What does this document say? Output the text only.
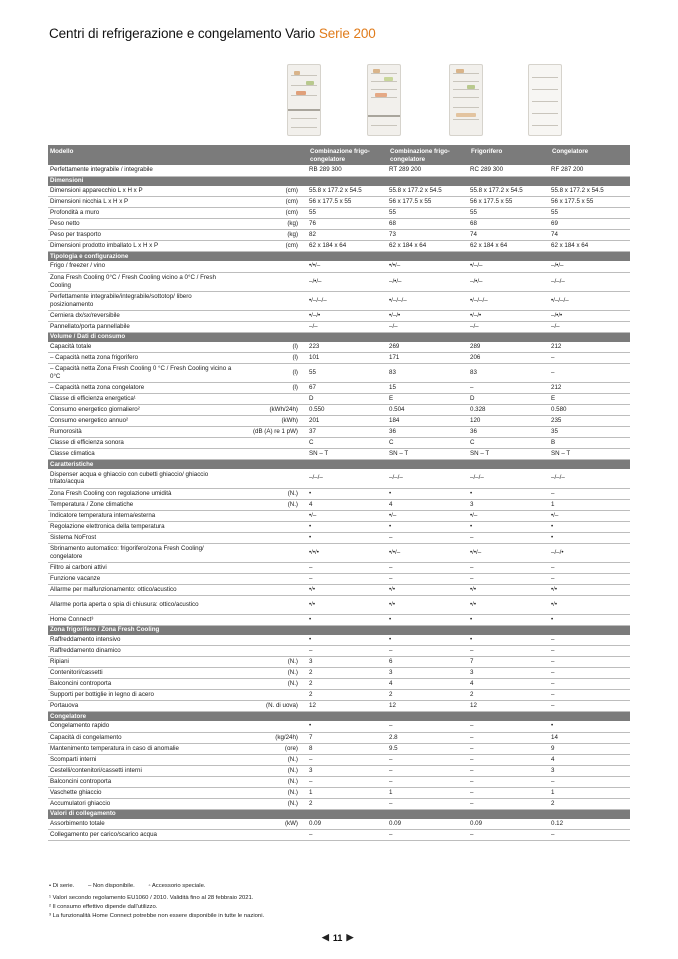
Centri di refrigerazione e congelamento Vario Serie 200
Modello		Combinazione frigo-congelatore	Combinazione frigo-congelatore	Frigorifero	Congelatore
Perfettamente integrabile / integrabile		RB 289 300	RT 289 200	RC 289 300	RF 287 200
Dimensioni					
Dimensioni apparecchio L x H x P	(cm)	55.8 x 177.2 x 54.5	55.8 x 177.2 x 54.5	55.8 x 177.2 x 54.5	55.8 x 177.2 x 54.5
Dimensioni nicchia L x H x P	(cm)	56 x 177.5 x 55	56 x 177.5 x 55	56 x 177.5 x 55	56 x 177.5 x 55
Profondità a muro	(cm)	55	55	55	55
Peso netto	(kg)	76	68	68	69
Peso per trasporto	(kg)	82	73	74	74
Dimensioni prodotto imballato L x H x P	(cm)	62 x 184 x 64	62 x 184 x 64	62 x 184 x 64	62 x 184 x 64
Tipologia e configurazione					
Frigo / freezer / vino		•/•/–	•/•/–	•/–/–	–/•/–
Zona Fresh Cooling 0°C / Fresh Cooling vicino a 0°C / Fresh Cooling		–/•/–	–/•/–	–/•/–	–/–/–
Perfettamente integrabile/integrabile/sottotop/ libero posizionamento		•/–/–/–	•/–/–/–	•/–/–/–	•/–/–/–
Cerniera dx/sx/reversibile		•/–/•	•/–/•	•/–/•	–/•/•
Pannellato/porta pannellabile		–/–	–/–	–/–	–/–
Volume / Dati di consumo					
Capacità totale	(l)	223	269	289	212
– Capacità netta zona frigorifero	(l)	101	171	206	–
– Capacità netta Zona Fresh Cooling 0 °C / Fresh Cooling vicino a 0°C	(l)	55	83	83	–
– Capacità netta zona congelatore	(l)	67	15	–	212
Classe di efficienza energetica¹		D	E	D	E
Consumo energetico giornaliero²	(kWh/24h)	0.550	0.504	0.328	0.580
Consumo energetico annuo²	(kWh)	201	184	120	235
Rumorosità	(dB (A) re 1 pW)	37	36	36	35
Classe di efficienza sonora		C	C	C	B
Classe climatica		SN – T	SN – T	SN – T	SN – T
Caratteristiche					
Dispenser acqua e ghiaccio con cubetti ghiaccio/ ghiaccio tritato/acqua		–/–/–	–/–/–	–/–/–	–/–/–
Zona Fresh Cooling con regolazione umidità	(N.)	•	•	•	–
Temperatura / Zone climatiche	(N.)	4	4	3	1
Indicatore temperatura interna/esterna		•/–	•/–	•/–	•/–
Regolazione elettronica della temperatura		•	•	•	•
Sistema NoFrost		•	–	–	•
Sbrinamento automatico: frigorifero/zona Fresh Cooling/ congelatore		•/•/•	•/•/–	•/•/–	–/–/•
Filtro ai carboni attivi		–	–	–	–
Funzione vacanze		–	–	–	–
Allarme per malfunzionamento: ottico/acustico		•/•	•/•	•/•	•/•
Allarme porta aperta o spia di chiusura: ottico/acustico		•/•	•/•	•/•	•/•
Home Connect³		•	•	•	•
Zona frigorifero / Zona Fresh Cooling					
Raffreddamento intensivo		•	•	•	–
Raffreddamento dinamico		–	–	–	–
Ripiani	(N.)	3	6	7	–
Contenitori/cassetti	(N.)	2	3	3	–
Balconcini controporta	(N.)	2	4	4	–
Supporti per bottiglie in legno di acero		2	2	2	–
Portauova	(N. di uova)	12	12	12	–
Congelatore					
Congelamento rapido		•	–	–	•
Capacità di congelamento	(kg/24h)	7	2.8	–	14
Mantenimento temperatura in caso di anomalie	(ore)	8	9.5	–	9
Scomparti interni	(N.)	–	–	–	4
Cestelli/contenitori/cassetti interni	(N.)	3	–	–	3
Balconcini controporta	(N.)	–	–	–	–
Vaschette ghiaccio	(N.)	1	1	–	1
Accumulatori ghiaccio	(N.)	2	–	–	2
Valori di collegamento					
Assorbimento totale	(kW)	0.09	0.09	0.09	0.12
Collegamento per carico/scarico acqua		–	–	–	–
• Di serie. – Non disponibile. ◦ Accessorio speciale.
¹ Valori secondo regolamento EU1060 / 2010. Validità fino al 28 febbraio 2021.
² Il consumo effettivo dipende dall'utilizzo.
³ La funzionalità Home Connect potrebbe non essere disponibile in tutte le nazioni.
◀ 11 ▶
